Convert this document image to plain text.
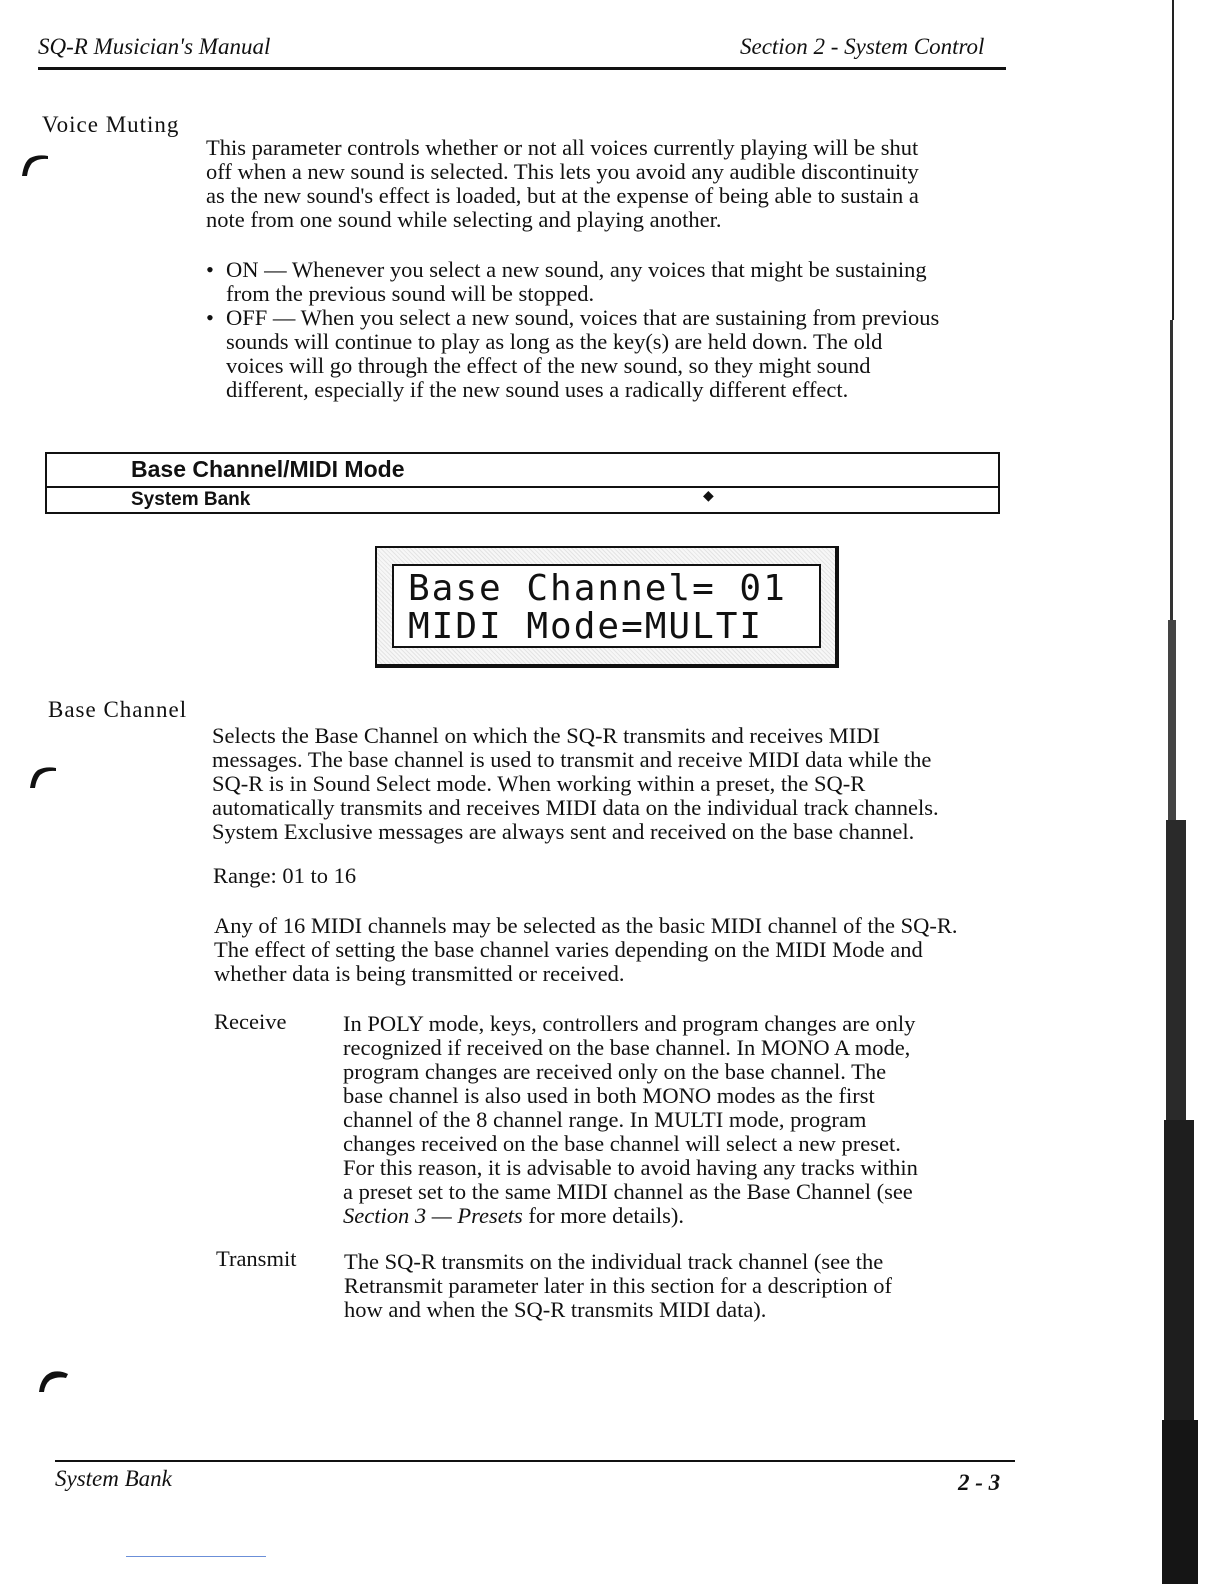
SQ-R Musician's Manual	Section 2 - System Control
Voice Muting

This parameter controls whether or not all voices currently playing will be shut

off when a new sound is selected. This lets you avoid any audible discontinuity

as the new sound's effect is loaded, but at the expense of being able to sustain a

note from one sound while selecting and playing another.

• ON — Whenever you select a new sound, any voices that might be sustaining
from the previous sound will be stopped.
• OFF — When you select a new sound, voices that are sustaining from previous
sounds will continue to play as long as the key(s) are held down. The old
voices will go through the effect of the new sound, so they might sound
different, especially if the new sound uses a radically different effect.
Base Channel/MIDI Mode
System Bank	◆
Base Channel= 01
MIDI Mode=MULTI
Base Channel

Selects the Base Channel on which the SQ-R transmits and receives MIDI

messages. The base channel is used to transmit and receive MIDI data while the

SQ-R is in Sound Select mode. When working within a preset, the SQ-R

automatically transmits and receives MIDI data on the individual track channels.

System Exclusive messages are always sent and received on the base channel.

Range: 01 to 16

Any of 16 MIDI channels may be selected as the basic MIDI channel of the SQ-R.

The effect of setting the base channel varies depending on the MIDI Mode and

whether data is being transmitted or received.

Receive	In POLY mode, keys, controllers and program changes are only

recognized if received on the base channel. In MONO A mode,

program changes are received only on the base channel. The

base channel is also used in both MONO modes as the first

channel of the 8 channel range. In MULTI mode, program

changes received on the base channel will select a new preset.

For this reason, it is advisable to avoid having any tracks within

a preset set to the same MIDI channel as the Base Channel (see

Section 3 — Presets for more details).

Transmit The SQ-R transmits on the individual track channel (see the

Retransmit parameter later in this section for a description of

how and when the SQ-R transmits MIDI data).

System Bank	2 - 3
